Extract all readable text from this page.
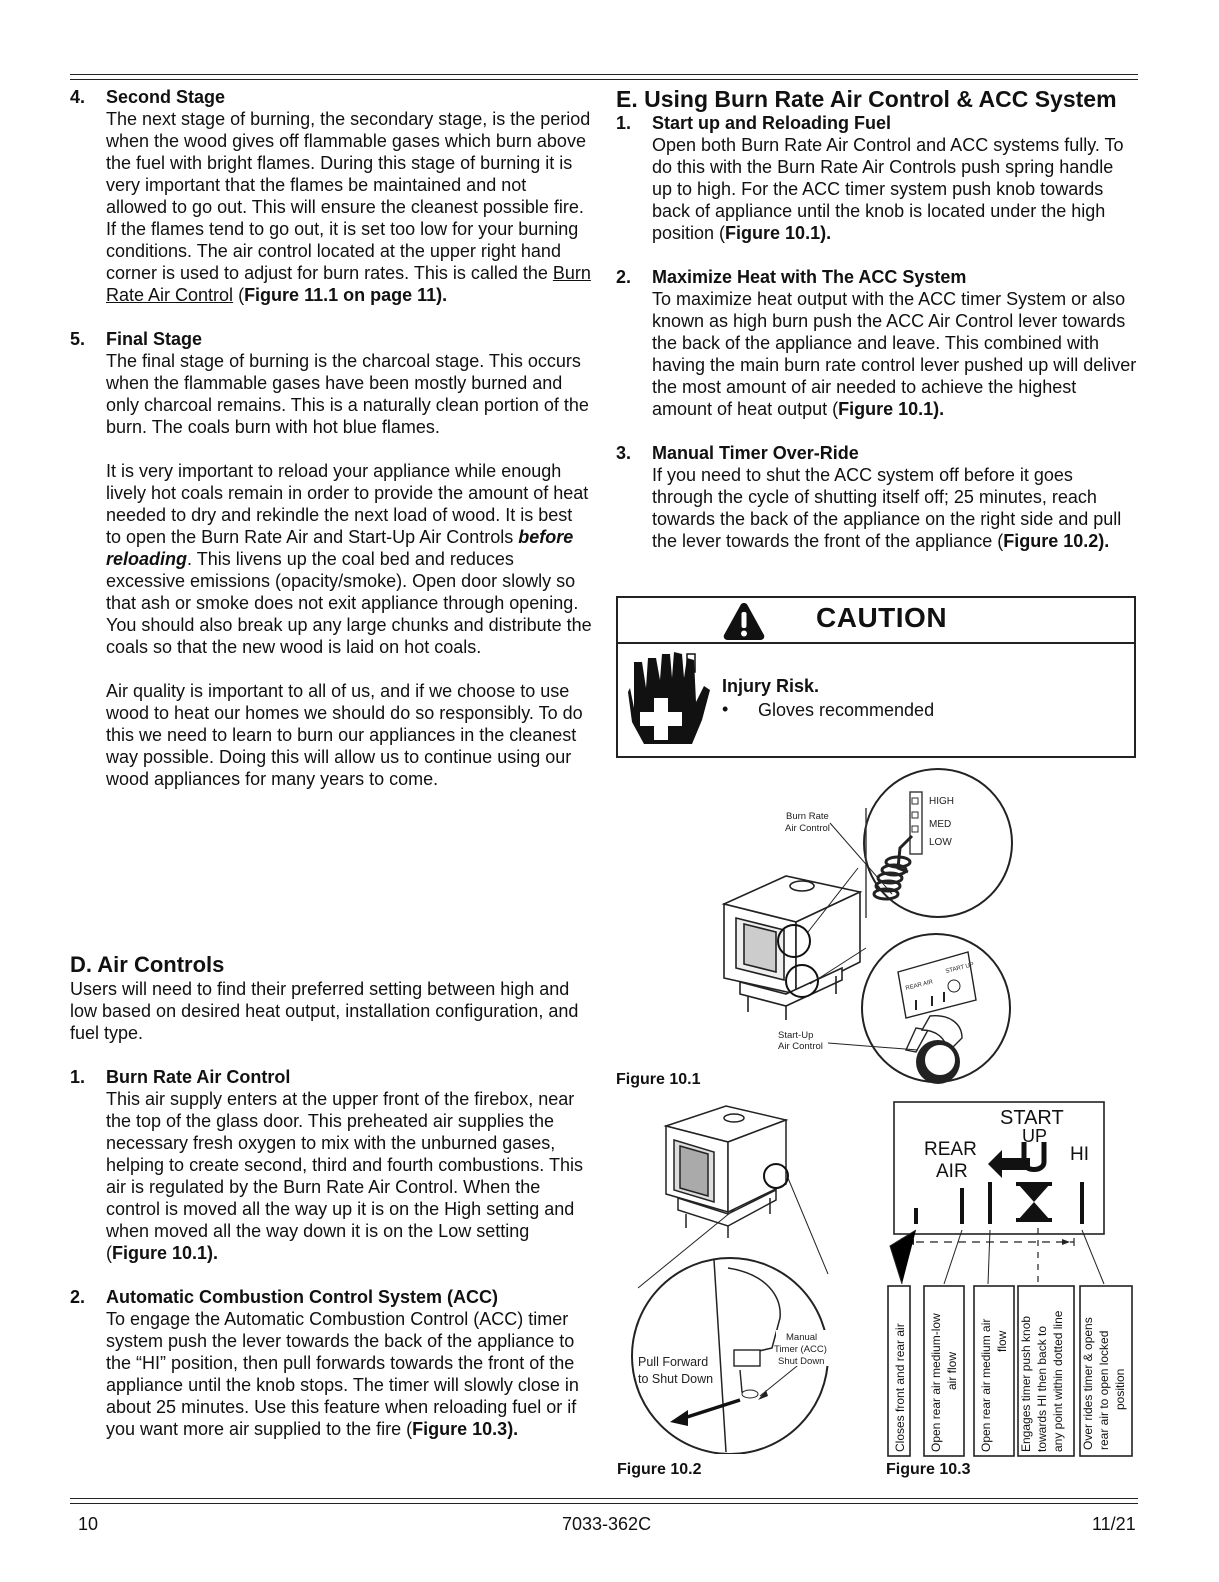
4. Second Stage

The next stage of burning, the secondary stage, is the period when the wood gives off flammable gases which burn above the fuel with bright flames. During this stage of burning it is very important that the flames be maintained and not allowed to go out. This will ensure the cleanest possible fire. If the flames tend to go out, it is set too low for your burning conditions. The air control located at the upper right hand corner is used to adjust for burn rates. This is called the Burn Rate Air Control (Figure 11.1 on page 11).

5. Final Stage

The final stage of burning is the charcoal stage. This occurs when the flammable gases have been mostly burned and only charcoal remains. This is a naturally clean portion of the burn. The coals burn with hot blue flames.

It is very important to reload your appliance while enough lively hot coals remain in order to provide the amount of heat needed to dry and rekindle the next load of wood. It is best to open the Burn Rate Air and Start-Up Air Controls before reloading. This livens up the coal bed and reduces excessive emissions (opacity/smoke). Open door slowly so that ash or smoke does not exit appliance through opening. You should also break up any large chunks and distribute the coals so that the new wood is laid on hot coals.

Air quality is important to all of us, and if we choose to use wood to heat our homes we should do so responsibly. To do this we need to learn to burn our appliances in the cleanest way possible. Doing this will allow us to continue using our wood appliances for many years to come.

D. Air Controls

Users will need to find their preferred setting between high and low based on desired heat output, installation configuration, and fuel type.

1. Burn Rate Air Control

This air supply enters at the upper front of the firebox, near the top of the glass door. This preheated air supplies the necessary fresh oxygen to mix with the unburned gases, helping to create second, third and fourth combustions. This air is regulated by the Burn Rate Air Control. When the control is moved all the way up it is on the High setting and when moved all the way down it is on the Low setting (Figure 10.1).

2. Automatic Combustion Control System (ACC)

To engage the Automatic Combustion Control (ACC) timer system push the lever towards the back of the appliance to the “HI” position, then pull forwards towards the front of the appliance until the knob stops. The timer will slowly close in about 25 minutes. Use this feature when reloading fuel or if you want more air supplied to the fire (Figure 10.3).

E. Using Burn Rate Air Control & ACC System
1. Start up and Reloading Fuel

Open both Burn Rate Air Control and ACC systems fully. To do this with the Burn Rate Air Controls push spring handle up to high. For the ACC timer system push knob towards back of appliance until the knob is located under the high position (Figure 10.1).

2. Maximize Heat with The ACC System

To maximize heat output with the ACC timer System or also known as high burn push the ACC Air Control lever towards the back of the appliance and leave. This combined with having the main burn rate control lever pushed up will deliver the most amount of air needed to achieve the highest amount of heat output (Figure 10.1).

3. Manual Timer Over-Ride

If you need to shut the ACC system off before it goes through the cycle of shutting itself off; 25 minutes, reach towards the back of the appliance on the right side and pull the lever towards the front of the appliance (Figure 10.2).

CAUTION
Injury Risk.
• Gloves recommended
HIGH
MED
LOW
Burn Rate
Air Control
REAR AIR
START UP
Start-Up
Air Control
Figure 10.1
Pull Forward
to Shut Down
Manual
Timer (ACC)
Shut Down
Figure 10.2
START
UP
REAR
AIR
HI
Closes front and rear air Open rear air medium-low air flow Open rear air medium air flow Engages timer push knob towards HI then back to any point within dotted line Over rides timer & opens rear air to open locked position
Figure 10.3
10	7033-362C	11/21
